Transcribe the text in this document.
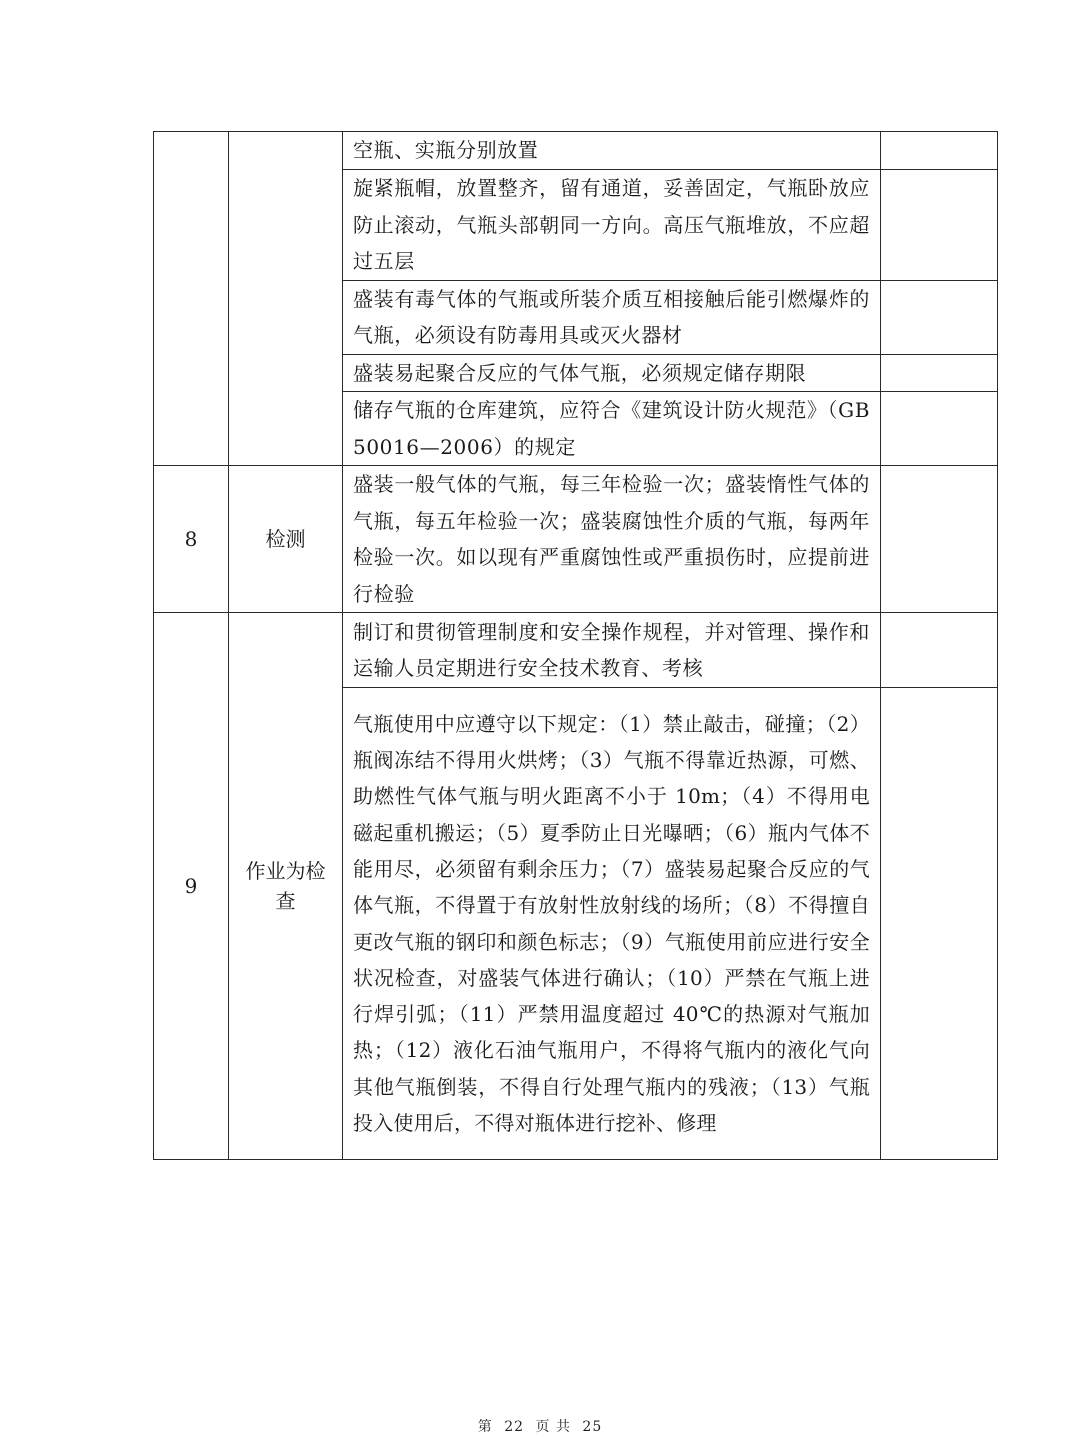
		空瓶、实瓶分别放置	
		旋紧瓶帽，放置整齐，留有通道，妥善固定，气瓶卧放应防止滚动，气瓶头部朝同一方向。高压气瓶堆放，不应超过五层	
		盛装有毒气体的气瓶或所装介质互相接触后能引燃爆炸的气瓶，必须设有防毒用具或灭火器材	
		盛装易起聚合反应的气体气瓶，必须规定储存期限	
		储存气瓶的仓库建筑，应符合《建筑设计防火规范》（GB50016—2006）的规定	
8	检测	盛装一般气体的气瓶，每三年检验一次；盛装惰性气体的气瓶，每五年检验一次；盛装腐蚀性介质的气瓶，每两年检验一次。如以现有严重腐蚀性或严重损伤时，应提前进行检验	
9	作业为检查	制订和贯彻管理制度和安全操作规程，并对管理、操作和运输人员定期进行安全技术教育、考核	
		气瓶使用中应遵守以下规定：（1）禁止敲击，碰撞；（2）瓶阀冻结不得用火烘烤；（3）气瓶不得靠近热源，可燃、助燃性气体气瓶与明火距离不小于 10m；（4）不得用电磁起重机搬运；（5）夏季防止日光曝晒；（6）瓶内气体不能用尽，必须留有剩余压力；（7）盛装易起聚合反应的气体气瓶，不得置于有放射性放射线的场所；（8）不得擅自更改气瓶的钢印和颜色标志；（9）气瓶使用前应进行安全状况检查，对盛装气体进行确认；（10）严禁在气瓶上进行焊引弧；（11）严禁用温度超过 40℃的热源对气瓶加热；（12）液化石油气瓶用户，不得将气瓶内的液化气向其他气瓶倒装，不得自行处理气瓶内的残液；（13）气瓶投入使用后，不得对瓶体进行挖补、修理	
第 22 页 共 25
